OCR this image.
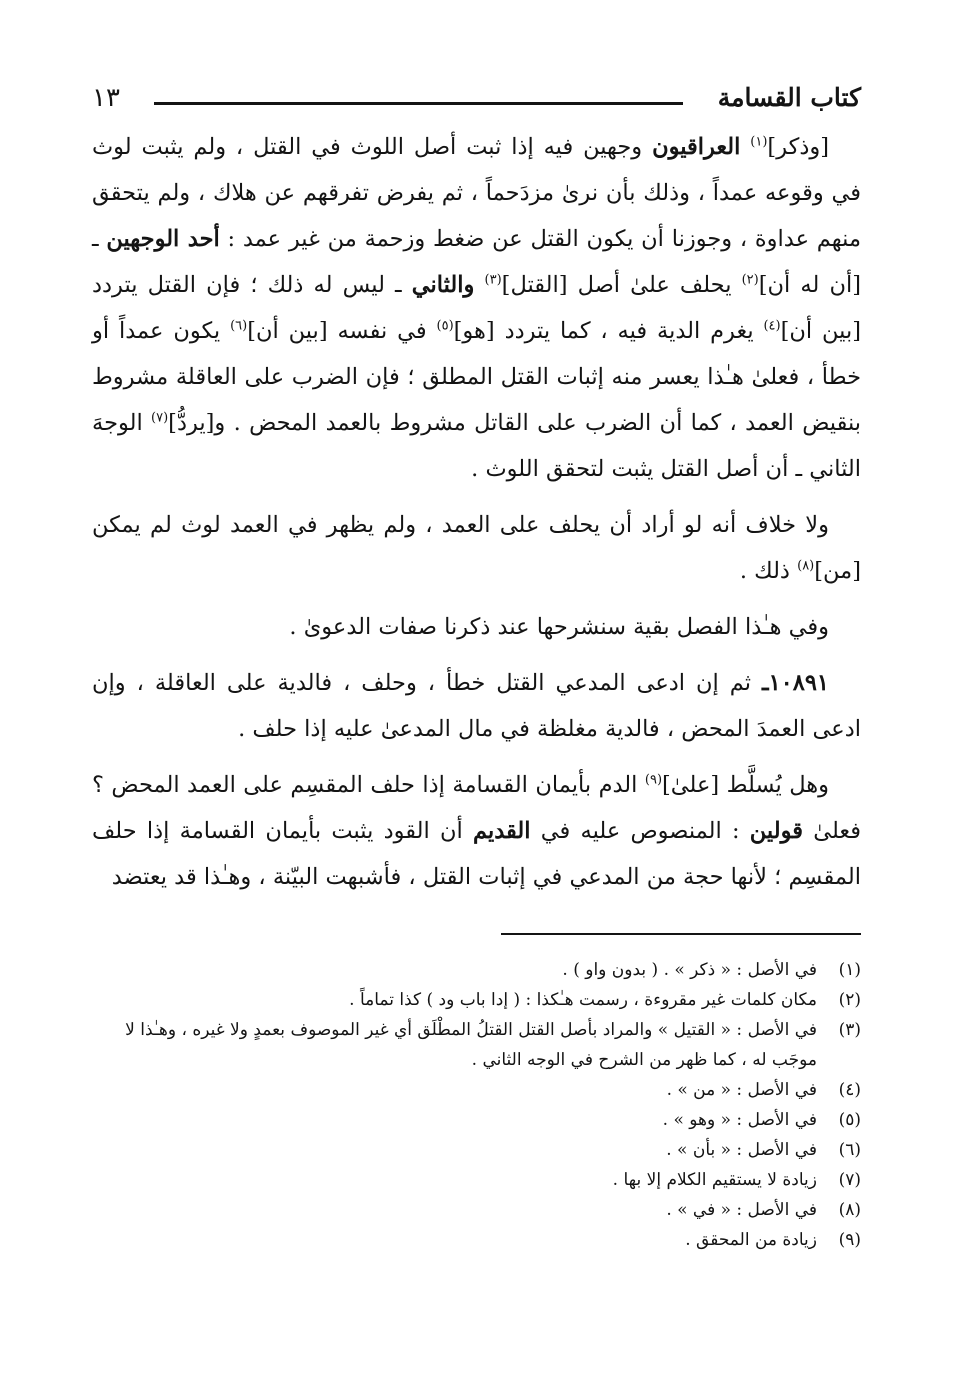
كتاب القسامة
١٣

[وذكر]$^{(١)}$ العراقيون وجهين فيه إذا ثبت أصل اللوث في القتل ، ولم يثبت لوث في وقوعه عمداً ، وذلك بأن نرىٰ مزدَحماً ، ثم يفرض تفرقهم عن هلاك ، ولم يتحقق منهم عداوة ، وجوزنا أن يكون القتل عن ضغط وزحمة من غير عمد : أحد الوجهين ـ [أن له أن]$^{(٢)}$ يحلف علىٰ أصل [القتل]$^{(٣)}$ والثاني ـ ليس له ذلك ؛ فإن القتل يتردد [بين أن]$^{(٤)}$ يغرم الدية فيه ، كما يتردد [هو]$^{(٥)}$ في نفسه [بين أن]$^{(٦)}$ يكون عمداً أو خطأ ، فعلىٰ هـٰذا يعسر منه إثبات القتل المطلق ؛ فإن الضرب على العاقلة مشروط بنقيض العمد ، كما أن الضرب على القاتل مشروط بالعمد المحض . و[يردُّ]$^{(٧)}$ الوجهَ الثاني ـ أن أصل القتل يثبت لتحقق اللوث .

ولا خلاف أنه لو أراد أن يحلف على العمد ، ولم يظهر في العمد لوث لم يمكن [من]$^{(٨)}$ ذلك .

وفي هـٰذا الفصل بقية سنشرحها عند ذكرنا صفات الدعوىٰ .

١٠٨٩١ـ ثم إن ادعى المدعي القتل خطأ ، وحلف ، فالدية على العاقلة ، وإن ادعى العمدَ المحض ، فالدية مغلظة في مال المدعىٰ عليه إذا حلف .

وهل يُسلَّط [علىٰ]$^{(٩)}$ الدم بأيمان القسامة إذا حلف المقسِم على العمد المحض ؟ فعلىٰ قولين : المنصوص عليه في القديم أن القود يثبت بأيمان القسامة إذا حلف المقسِم ؛ لأنها حجة من المدعي في إثبات القتل ، فأشبهت البيّنة ، وهـٰذا قد يعتضد

(١)
في الأصل : « ذكر » . ( بدون واو ) .
(٢)
مكان كلمات غير مقروءة ، رسمت هـٰكذا : ( إدا باب ود ) كذا تماماً .
(٣)
في الأصل : « القتيل » والمراد بأصل القتل القتلُ المطْلَق أي غير الموصوف بعمدٍ ولا غيره ، وهـٰذا لا موجَب له ، كما ظهر من الشرح في الوجه الثاني .
(٤)
في الأصل : « من » .
(٥)
في الأصل : « وهو » .
(٦)
في الأصل : « بأن » .
(٧)
زيادة لا يستقيم الكلام إلا بها .
(٨)
في الأصل : « في » .
(٩)
زيادة من المحقق .
